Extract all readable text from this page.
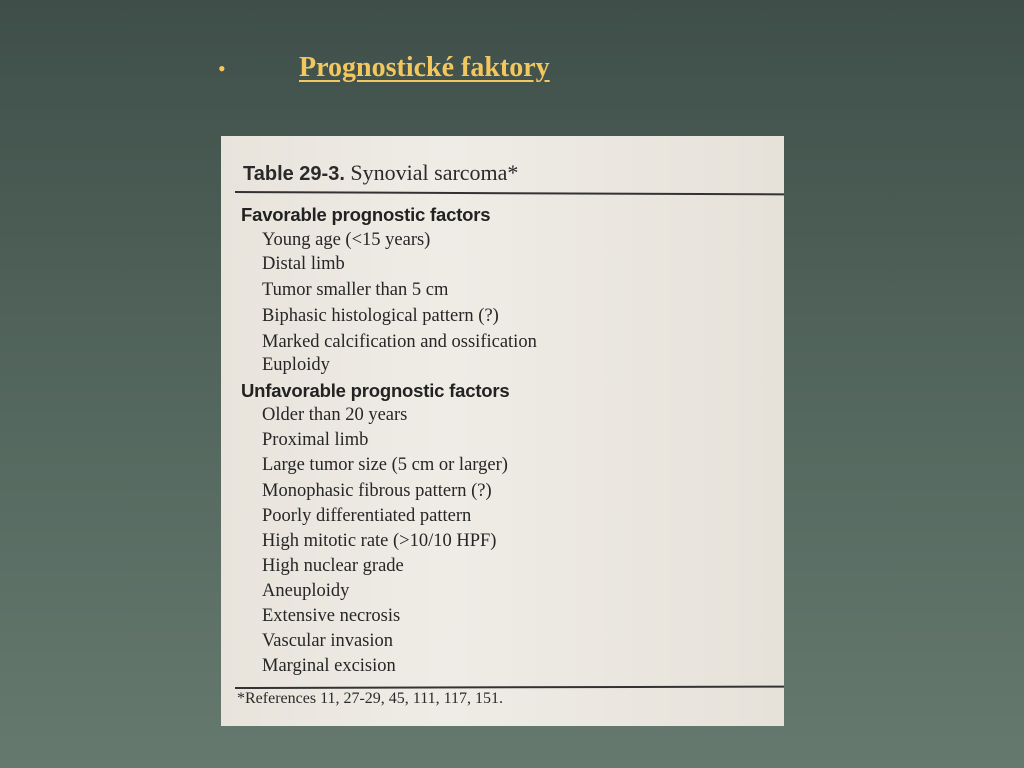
•	Prognostické faktory
Table 29-3. Synovial sarcoma*
Favorable prognostic factors
Young age (<15 years)
Distal limb
Tumor smaller than 5 cm
Biphasic histological pattern (?)
Marked calcification and ossification
Euploidy
Unfavorable prognostic factors
Older than 20 years
Proximal limb
Large tumor size (5 cm or larger)
Monophasic fibrous pattern (?)
Poorly differentiated pattern
High mitotic rate (>10/10 HPF)
High nuclear grade
Aneuploidy
Extensive necrosis
Vascular invasion
Marginal excision
*References 11, 27-29, 45, 111, 117, 151.
